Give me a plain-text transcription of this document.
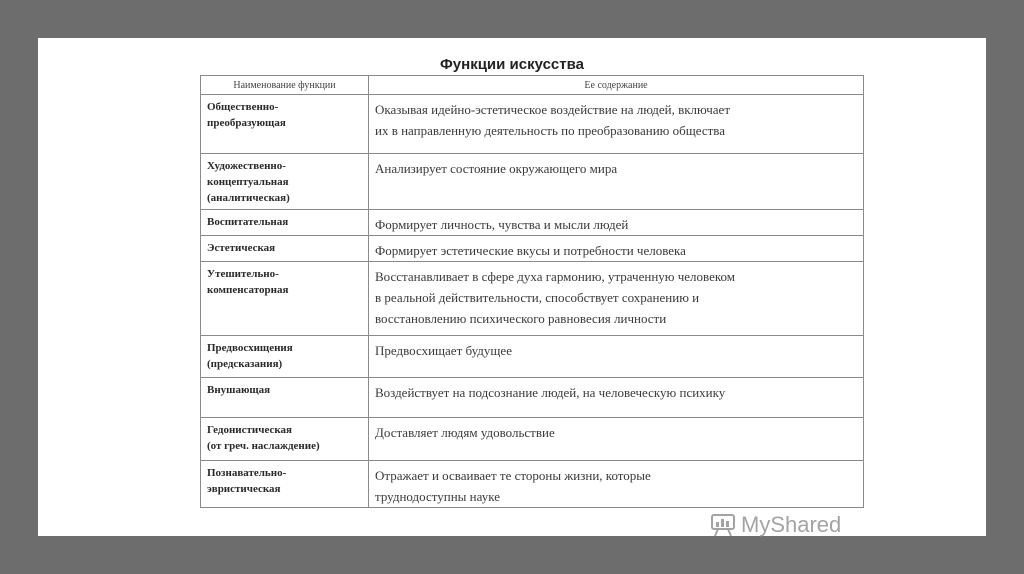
Функции искусства
Наименование функции	Ее содержание
Общественно-
преобразующая	Оказывая идейно-эстетическое воздействие на людей, включает
их в направленную деятельность по преобразованию общества
Художественно-
концептуальная
(аналитическая)	Анализирует состояние окружающего мира
Воспитательная	Формирует личность, чувства и мысли людей
Эстетическая	Формирует эстетические вкусы и потребности человека
Утешительно-
компенсаторная	Восстанавливает в сфере духа гармонию, утраченную человеком
в реальной действительности, способствует сохранению и
восстановлению психического равновесия личности
Предвосхищения
(предсказания)	Предвосхищает будущее
Внушающая	Воздействует на подсознание людей, на человеческую психику
Гедонистическая
(от греч. наслаждение)	Доставляет людям удовольствие
Познавательно-
эвристическая	Отражает и осваивает те стороны жизни, которые
труднодоступны науке
MyShared
